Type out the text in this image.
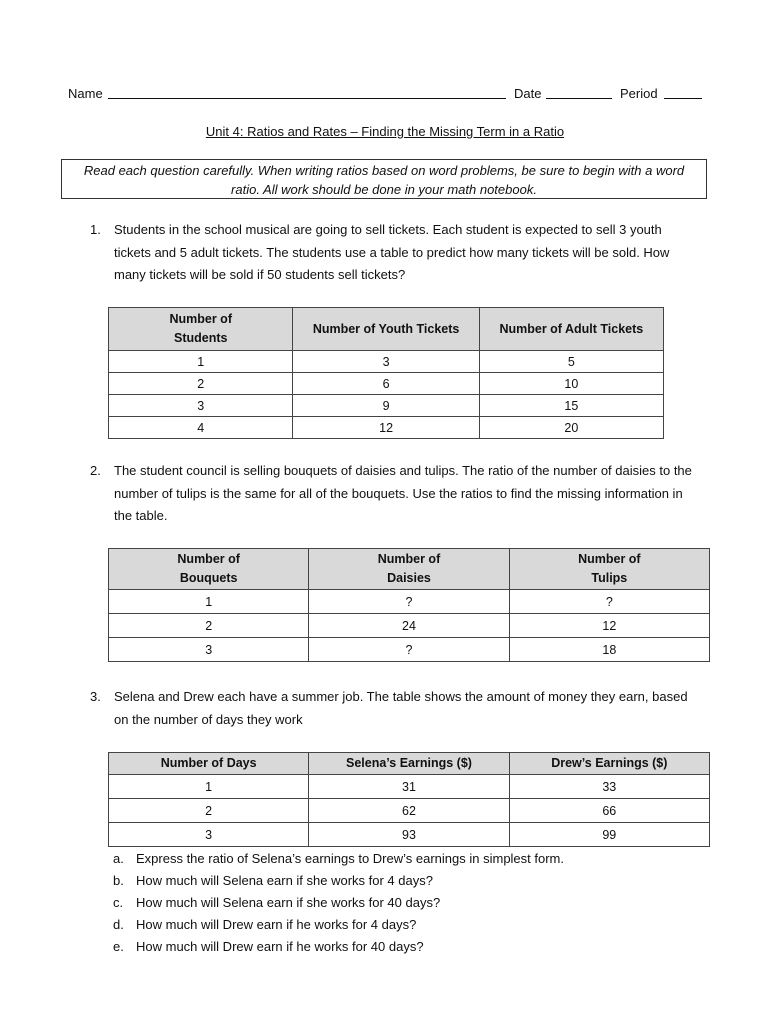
Name	Date	Period
Unit 4: Ratios and Rates – Finding the Missing Term in a Ratio
Read each question carefully. When writing ratios based on word problems, be sure to begin with a word ratio. All work should be done in your math notebook.
1. Students in the school musical are going to sell tickets. Each student is expected to sell 3 youth tickets and 5 adult tickets. The students use a table to predict how many tickets will be sold. How many tickets will be sold if 50 students sell tickets?
Number of Students	Number of Youth Tickets	Number of Adult Tickets
1	3	5
2	6	10
3	9	15
4	12	20
2. The student council is selling bouquets of daisies and tulips. The ratio of the number of daisies to the number of tulips is the same for all of the bouquets. Use the ratios to find the missing information in the table.
Number of Bouquets	Number of Daisies	Number of Tulips

1	?	?
2	24	12
3	?	18
3. Selena and Drew each have a summer job. The table shows the amount of money they earn, based on the number of days they work
Number of Days	Selena’s Earnings ($)	Drew’s Earnings ($)
1	31	33
2	62	66
3	93	99
a. Express the ratio of Selena’s earnings to Drew’s earnings in simplest form.
b. How much will Selena earn if she works for 4 days?
c. How much will Selena earn if she works for 40 days?
d. How much will Drew earn if he works for 4 days?
e. How much will Drew earn if he works for 40 days?
